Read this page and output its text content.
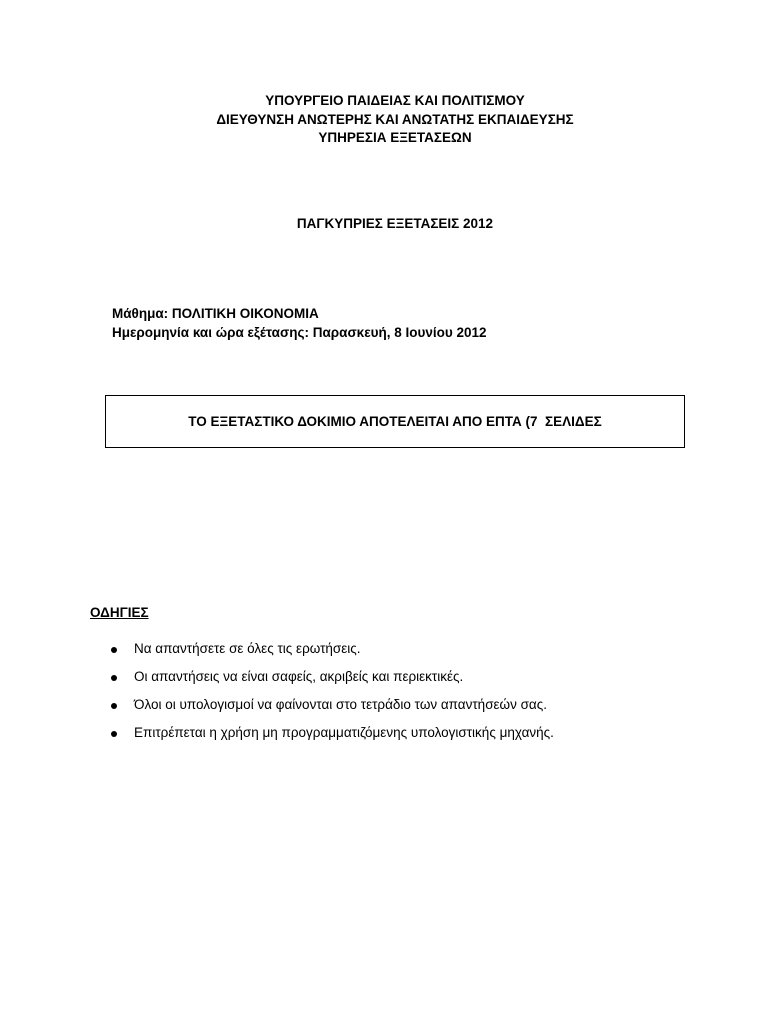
ΥΠΟΥΡΓΕΙΟ ΠΑΙΔΕΙΑΣ ΚΑΙ ΠΟΛΙΤΙΣΜΟΥ
ΔΙΕΥΘΥΝΣΗ ΑΝΩΤΕΡΗΣ ΚΑΙ ΑΝΩΤΑΤΗΣ ΕΚΠΑΙΔΕΥΣΗΣ
ΥΠΗΡΕΣΙΑ ΕΞΕΤΑΣΕΩΝ
ΠΑΓΚΥΠΡΙΕΣ ΕΞΕΤΑΣΕΙΣ 2012
Μάθημα: ΠΟΛΙΤΙΚΗ ΟΙΚΟΝΟΜΙΑ
Ημερομηνία και ώρα εξέτασης: Παρασκευή, 8 Ιουνίου 2012
ΤΟ ΕΞΕΤΑΣΤΙΚΟ ΔΟΚΙΜΙΟ ΑΠΟΤΕΛΕΙΤΑΙ ΑΠΟ ΕΠΤΑ (7  ΣΕΛΙΔΕΣ
ΟΔΗΓΙΕΣ
Να απαντήσετε σε όλες τις ερωτήσεις.
Οι απαντήσεις να είναι σαφείς, ακριβείς και περιεκτικές.
Όλοι οι υπολογισμοί να φαίνονται στο τετράδιο των απαντήσεών σας.
Επιτρέπεται η χρήση μη προγραμματιζόμενης υπολογιστικής μηχανής.
